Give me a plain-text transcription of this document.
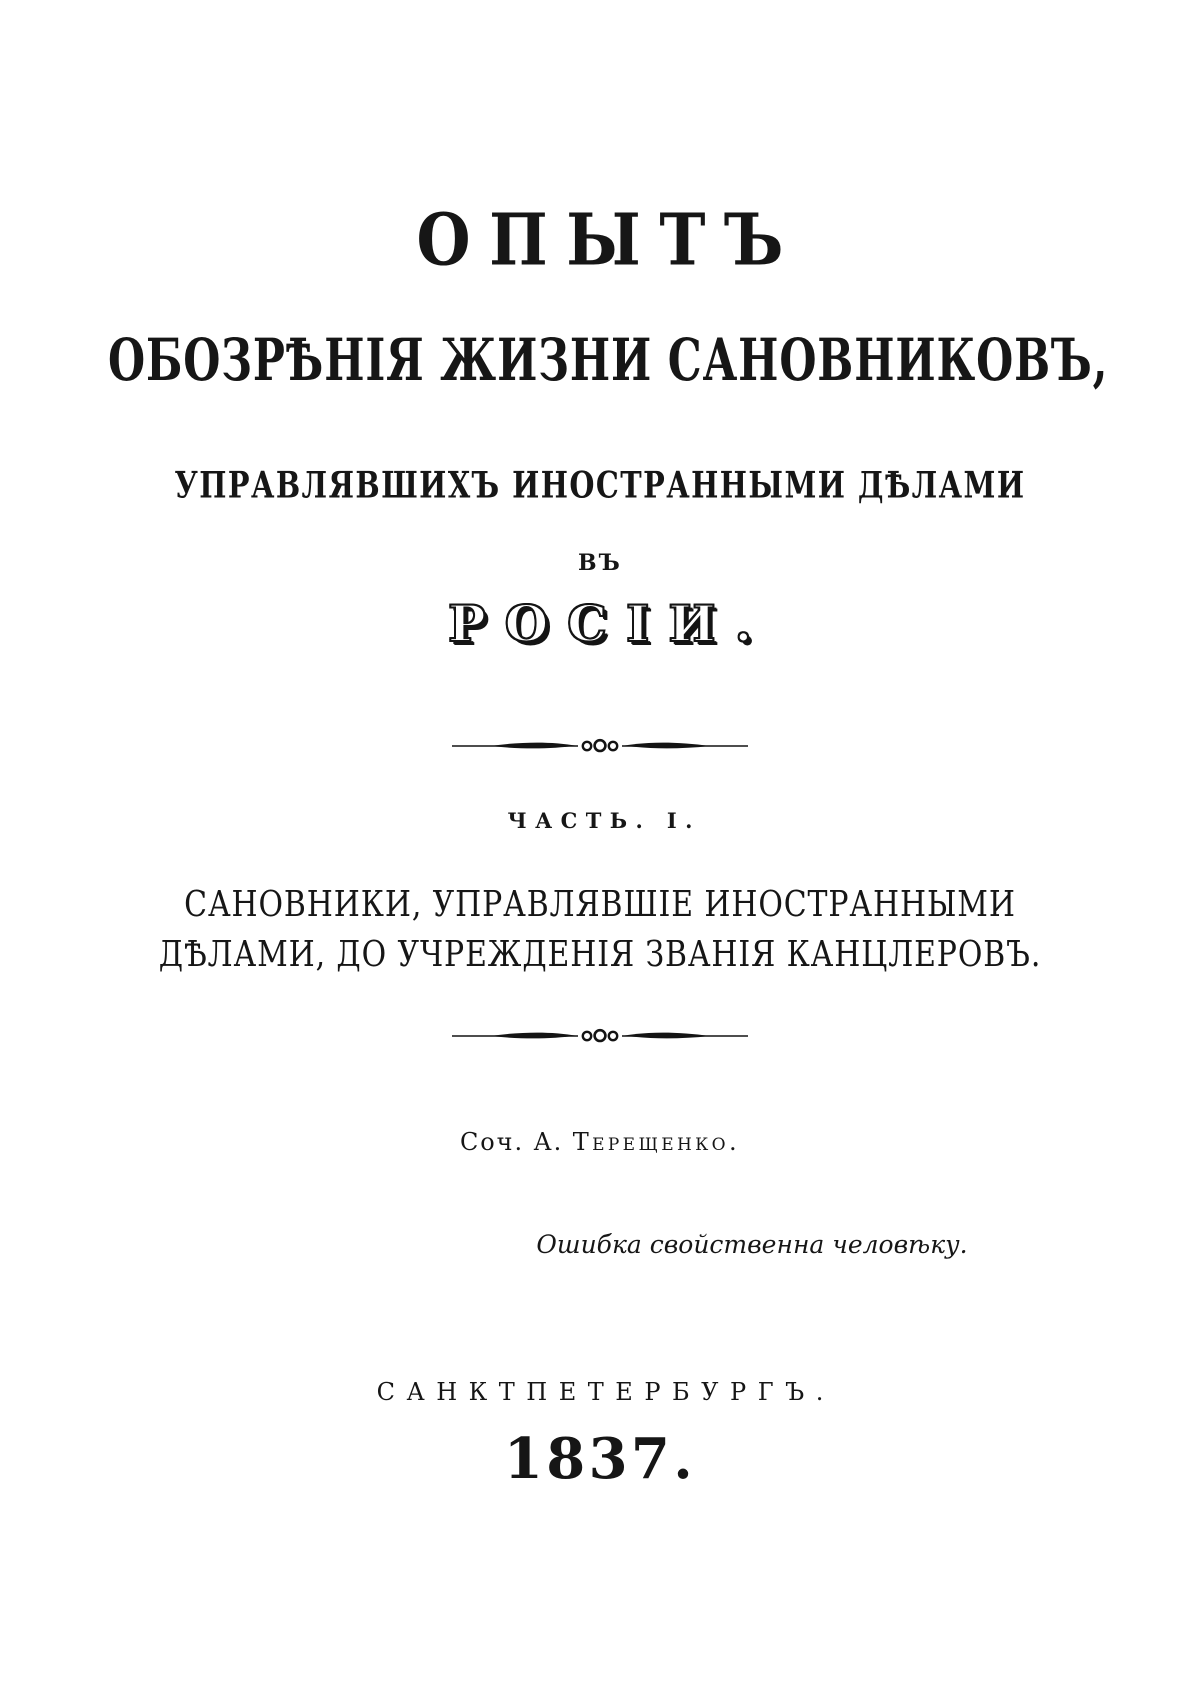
ОПЫТЪ
ОБОЗРѢНІЯ ЖИЗНИ САНОВНИКОВЪ,
УПРАВЛЯВШИХЪ ИНОСТРАННЫМИ ДѢЛАМИ
ВЪ
РОСІИ.
ЧАСТЬ. I.
САНОВНИКИ, УПРАВЛЯВШІЕ ИНОСТРАННЫМИ
ДѢЛАМИ, ДО УЧРЕЖДЕНІЯ ЗВАНІЯ КАНЦЛЕРОВЪ.
Соч. А. Терещенко.
Ошибка свойственна человѣку.
САНКТПЕТЕРБУРГЪ.
1837.
